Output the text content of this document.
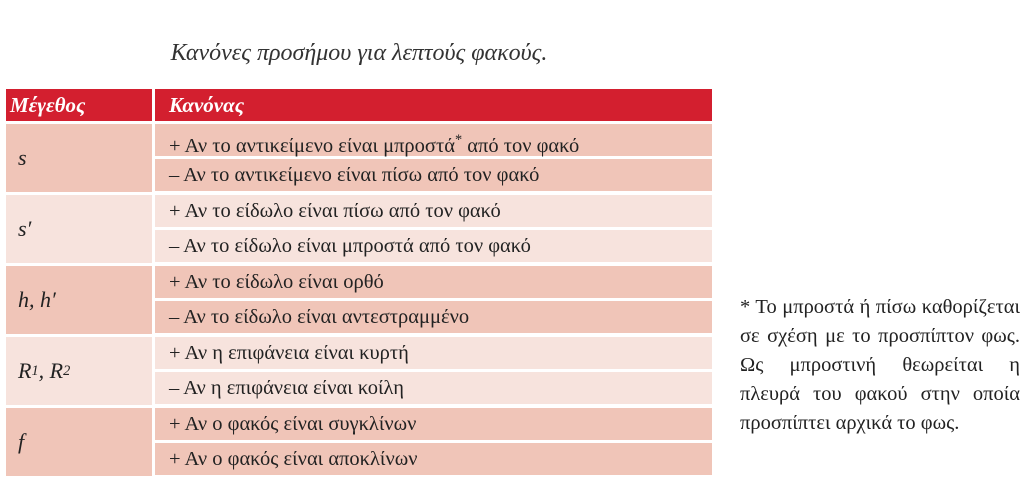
Κανόνες προσήμου για λεπτούς φακούς.
Μέγεθος	Κανόνας
s	+ Αν το αντικείμενο είναι μπροστά* από τον φακό
– Αν το αντικείμενο είναι πίσω από τον φακό
s′
+ Αν το είδωλο είναι πίσω από τον φακό
– Αν το είδωλο είναι μπροστά από τον φακό
h, h′
+ Αν το είδωλο είναι ορθό
– Αν το είδωλο είναι αντεστραμμένο
R 1 , R 2
+ Αν η επιφάνεια είναι κυρτή
– Αν η επιφάνεια είναι κοίλη
f
+ Αν ο φακός είναι συγκλίνων
+ Αν ο φακός είναι αποκλίνων
* Το μπροστά ή πίσω καθορίζεται σε σχέση με το προσπίπτον φως. Ως μπροστινή θεωρείται η πλευρά του φακού στην οποία προσπίπτει αρχικά το φως.
